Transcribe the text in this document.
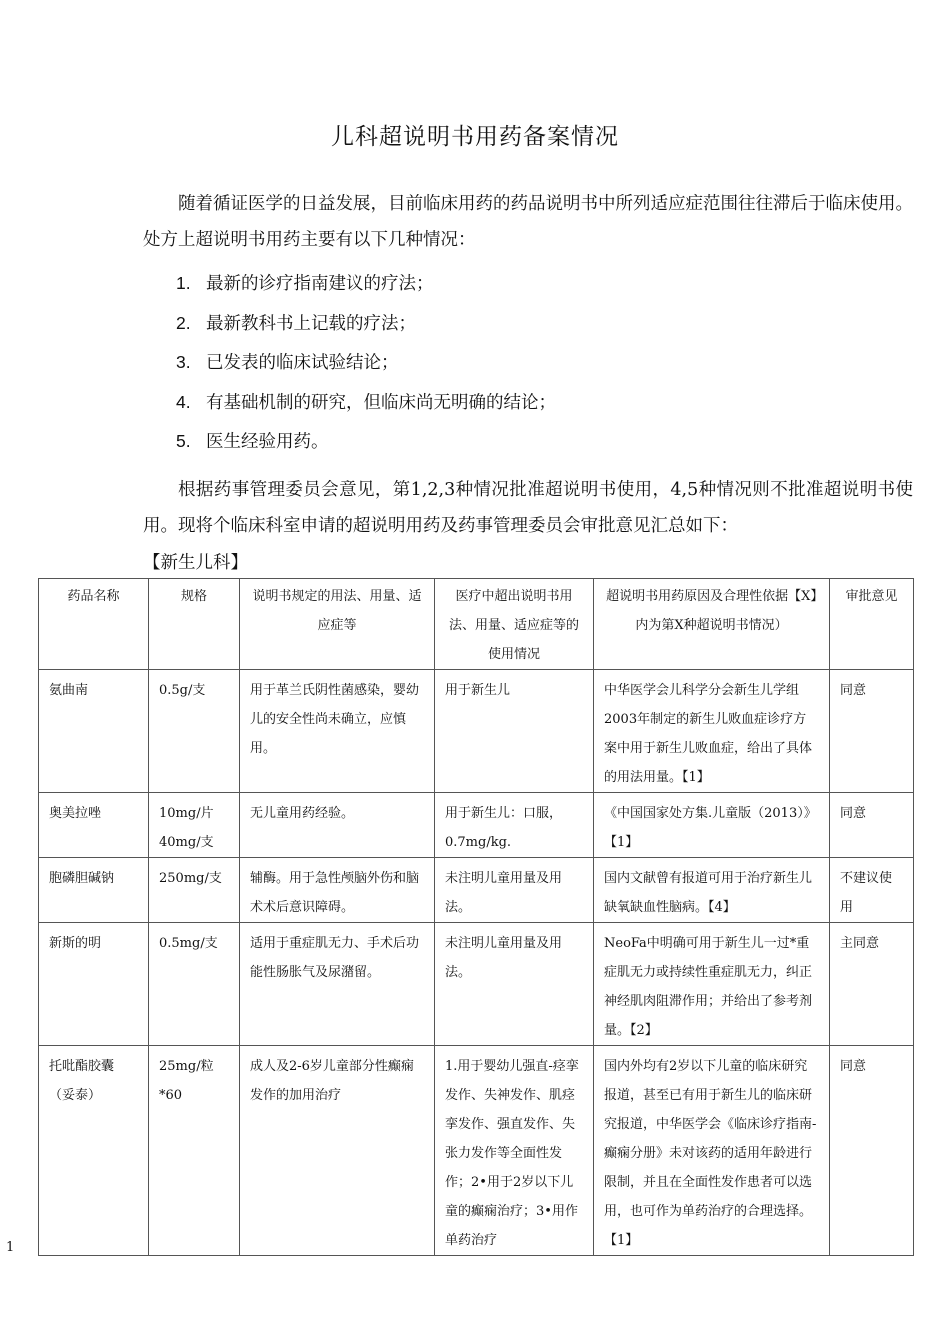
儿科超说明书用药备案情况
随着循证医学的日益发展，目前临床用药的药品说明书中所列适应症范围往往滞后于临床使用。处方上超说明书用药主要有以下几种情况：
1. 最新的诊疗指南建议的疗法；
2. 最新教科书上记载的疗法；
3. 已发表的临床试验结论；
4. 有基础机制的研究，但临床尚无明确的结论；
5. 医生经验用药。
根据药事管理委员会意见，第1,2,3种情况批准超说明书使用，4,5种情况则不批准超说明书使用。现将个临床科室申请的超说明用药及药事管理委员会审批意见汇总如下：
【新生儿科】
药品名称	规格	说明书规定的用法、用量、适应症等	医疗中超出说明书用法、用量、适应症等的使用情况	超说明书用药原因及合理性依据【X】内为第X种超说明书情况）	审批意见
氨曲南	0.5g/支	用于革兰氏阴性菌感染，婴幼儿的安全性尚未确立，应慎用。	用于新生儿	中华医学会儿科学分会新生儿学组2003年制定的新生儿败血症诊疗方案中用于新生儿败血症，给出了具体的用法用量。【1】	同意
奥美拉唑	10mg/片 40mg/支	无儿童用药经验。	用于新生儿：口服，0.7mg/kg.	《中国国家处方集.儿童版（2013）》【1】	同意
胞磷胆碱钠	250mg/支	辅酶。用于急性颅脑外伤和脑术术后意识障碍。	未注明儿童用量及用法。	国内文献曾有报道可用于治疗新生儿缺氧缺血性脑病。【4】	不建议使用
新斯的明	0.5mg/支	适用于重症肌无力、手术后功能性肠胀气及尿潴留。	未注明儿童用量及用法。	NeoFa中明确可用于新生儿一过*重症肌无力或持续性重症肌无力，纠正神经肌肉阻滞作用；并给出了参考剂量。【2】	主同意
托吡酯胶囊（妥泰）	25mg/粒*60	成人及2-6岁儿童部分性癫痫发作的加用治疗	1.用于婴幼儿强直-痉挛发作、失神发作、肌痉挛发作、强直发作、失张力发作等全面性发作；2•用于2岁以下儿童的癫痫治疗；3•用作单药治疗	国内外均有2岁以下儿童的临床研究报道，甚至已有用于新生儿的临床研究报道，中华医学会《临床诊疗指南-癫痫分册》未对该药的适用年龄进行限制，并且在全面性发作患者可以选用，也可作为单药治疗的合理选择。【1】	同意
1
